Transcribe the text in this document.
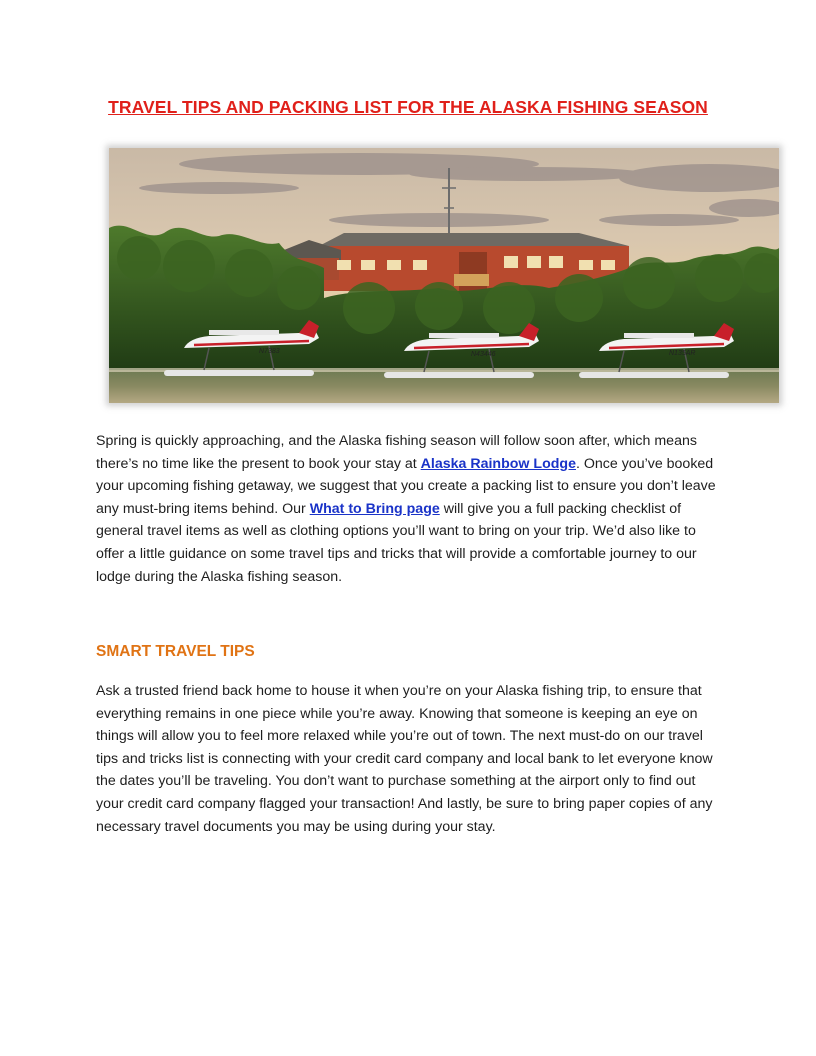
TRAVEL TIPS AND PACKING LIST FOR THE ALASKA FISHING SEASON
N7383	N43446	N135AR

Spring is quickly approaching, and the Alaska fishing season will follow soon after, which means there’s no time like the present to book your stay at Alaska Rainbow Lodge. Once you’ve booked your upcoming fishing getaway, we suggest that you create a packing list to ensure you don’t leave any must-bring items behind. Our What to Bring page will give you a full packing checklist of general travel items as well as clothing options you’ll want to bring on your trip. We’d also like to offer a little guidance on some travel tips and tricks that will provide a comfortable journey to our lodge during the Alaska fishing season.

SMART TRAVEL TIPS

Ask a trusted friend back home to house it when you’re on your Alaska fishing trip, to ensure that everything remains in one piece while you’re away. Knowing that someone is keeping an eye on things will allow you to feel more relaxed while you’re out of town. The next must-do on our travel tips and tricks list is connecting with your credit card company and local bank to let everyone know the dates you’ll be traveling. You don’t want to purchase something at the airport only to find out your credit card company flagged your transaction! And lastly, be sure to bring paper copies of any necessary travel documents you may be using during your stay.
